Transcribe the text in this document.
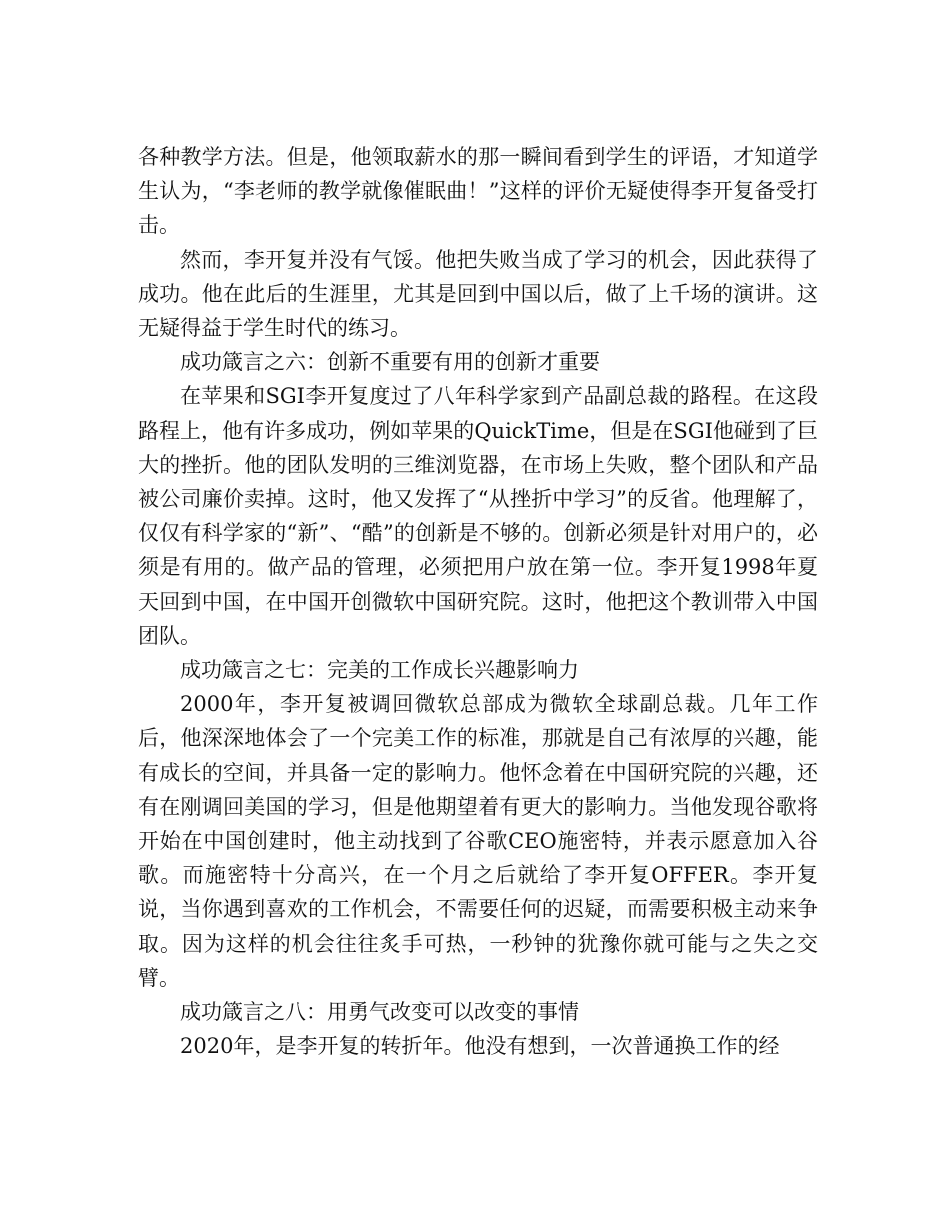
各种教学方法。但是，他领取薪水的那一瞬间看到学生的评语，才知道学生认为，“李老师的教学就像催眠曲！”这样的评价无疑使得李开复备受打击。

然而，李开复并没有气馁。他把失败当成了学习的机会，因此获得了成功。他在此后的生涯里，尤其是回到中国以后，做了上千场的演讲。这无疑得益于学生时代的练习。

成功箴言之六：创新不重要有用的创新才重要

在苹果和SGI李开复度过了八年科学家到产品副总裁的路程。在这段路程上，他有许多成功，例如苹果的QuickTime，但是在SGI他碰到了巨大的挫折。他的团队发明的三维浏览器，在市场上失败，整个团队和产品被公司廉价卖掉。这时，他又发挥了“从挫折中学习”的反省。他理解了，仅仅有科学家的“新”、“酷”的创新是不够的。创新必须是针对用户的，必须是有用的。做产品的管理，必须把用户放在第一位。李开复1998年夏天回到中国，在中国开创微软中国研究院。这时，他把这个教训带入中国团队。

成功箴言之七：完美的工作成长兴趣影响力

2000年，李开复被调回微软总部成为微软全球副总裁。几年工作后，他深深地体会了一个完美工作的标准，那就是自己有浓厚的兴趣，能有成长的空间，并具备一定的影响力。他怀念着在中国研究院的兴趣，还有在刚调回美国的学习，但是他期望着有更大的影响力。当他发现谷歌将开始在中国创建时，他主动找到了谷歌CEO施密特，并表示愿意加入谷歌。而施密特十分高兴，在一个月之后就给了李开复OFFER。李开复说，当你遇到喜欢的工作机会，不需要任何的迟疑，而需要积极主动来争取。因为这样的机会往往炙手可热，一秒钟的犹豫你就可能与之失之交臂。

成功箴言之八：用勇气改变可以改变的事情

2020年，是李开复的转折年。他没有想到，一次普通换工作的经
